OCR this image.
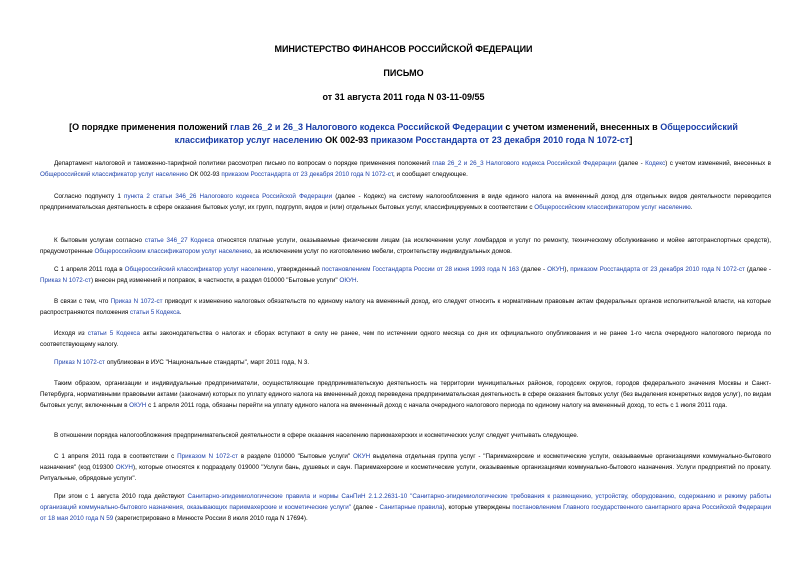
МИНИСТЕРСТВО ФИНАНСОВ РОССИЙСКОЙ ФЕДЕРАЦИИ
ПИСЬМО
от 31 августа 2011 года N 03-11-09/55
[О порядке применения положений глав 26_2 и 26_3 Налогового кодекса Российской Федерации с учетом изменений, внесенных в Общероссийский классификатор услуг населению ОК 002-93 приказом Росстандарта от 23 декабря 2010 года N 1072-ст]
Департамент налоговой и таможенно-тарифной политики рассмотрел письмо по вопросам о порядке применения положений глав 26_2 и 26_3 Налогового кодекса Российской Федерации (далее - Кодекс) с учетом изменений, внесенных в Общероссийский классификатор услуг населению ОК 002-93 приказом Росстандарта от 23 декабря 2010 года N 1072-ст, и сообщает следующее.
Согласно подпункту 1 пункта 2 статьи 346_26 Налогового кодекса Российской Федерации (далее - Кодекс) на систему налогообложения в виде единого налога на вмененный доход для отдельных видов деятельности переводится предпринимательская деятельность в сфере оказания бытовых услуг, их групп, подгрупп, видов и (или) отдельных бытовых услуг, классифицируемых в соответствии с Общероссийским классификатором услуг населению.
К бытовым услугам согласно статье 346_27 Кодекса относятся платные услуги, оказываемые физическим лицам (за исключением услуг ломбардов и услуг по ремонту, техническому обслуживанию и мойке автотранспортных средств), предусмотренные Общероссийским классификатором услуг населению, за исключением услуг по изготовлению мебели, строительству индивидуальных домов.
С 1 апреля 2011 года в Общероссийский классификатор услуг населению, утвержденный постановлением Госстандарта России от 28 июня 1993 года N 163 (далее - ОКУН), приказом Росстандарта от 23 декабря 2010 года N 1072-ст (далее - Приказ N 1072-ст) внесен ряд изменений и поправок, в частности, в раздел 010000 "Бытовые услуги" ОКУН.
В связи с тем, что Приказ N 1072-ст приводит к изменению налоговых обязательств по единому налогу на вмененный доход, его следует относить к нормативным правовым актам федеральных органов исполнительной власти, на которые распространяются положения статьи 5 Кодекса.
Исходя из статьи 5 Кодекса акты законодательства о налогах и сборах вступают в силу не ранее, чем по истечении одного месяца со дня их официального опубликования и не ранее 1-го числа очередного налогового периода по соответствующему налогу.
Приказ N 1072-ст опубликован в ИУС "Национальные стандарты", март 2011 года, N 3.
Таким образом, организации и индивидуальные предприниматели, осуществляющие предпринимательскую деятельность на территории муниципальных районов, городских округов, городов федерального значения Москвы и Санкт-Петербурга, нормативными правовыми актами (законами) которых по уплату единого налога на вмененный доход переведена предпринимательская деятельность в сфере оказания бытовых услуг (без выделения конкретных видов услуг), по видам бытовых услуг, включенным в ОКУН с 1 апреля 2011 года, обязаны перейти на уплату единого налога на вмененный доход с начала очередного налогового периода по единому налогу на вмененный доход, то есть с 1 июля 2011 года.
В отношении порядка налогообложения предпринимательской деятельности в сфере оказания населению парикмахерских и косметических услуг следует учитывать следующее.
С 1 апреля 2011 года в соответствии с Приказом N 1072-ст в разделе 010000 "Бытовые услуги" ОКУН выделена отдельная группа услуг - "Парикмахерские и косметические услуги, оказываемые организациями коммунально-бытового назначения" (код 019300 ОКУН), которые относятся к подразделу 019000 "Услуги бань, душевых и саун. Парикмахерские и косметические услуги, оказываемые организациями коммунально-бытового назначения. Услуги предприятий по прокату. Ритуальные, обрядовые услуги".
При этом с 1 августа 2010 года действуют Санитарно-эпидемиологические правила и нормы СанПиН 2.1.2.2631-10 "Санитарно-эпидемиологические требования к размещению, устройству, оборудованию, содержанию и режиму работы организаций коммунально-бытового назначения, оказывающих парикмахерские и косметические услуги" (далее - Санитарные правила), которые утверждены постановлением Главного государственного санитарного врача Российской Федерации от 18 мая 2010 года N 59 (зарегистрировано в Минюсте России 8 июля 2010 года N 17694).
